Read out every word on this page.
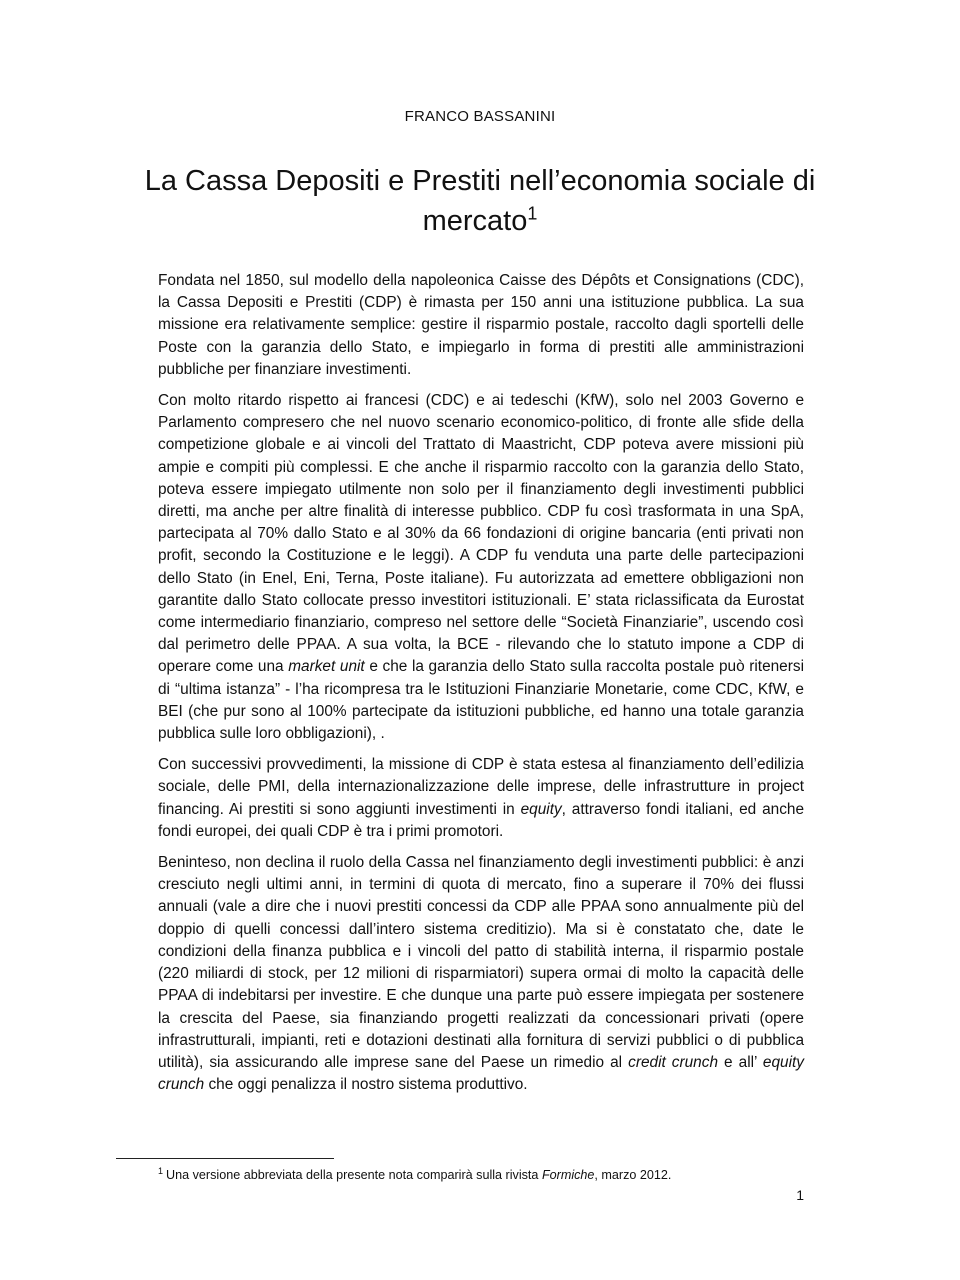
FRANCO BASSANINI
La Cassa Depositi e Prestiti nell’economia sociale di mercato$^1$

Fondata nel 1850, sul modello della napoleonica Caisse des Dépôts et Consignations (CDC), la Cassa Depositi e Prestiti (CDP) è rimasta per 150 anni una istituzione pubblica. La sua missione era relativamente semplice: gestire il risparmio postale, raccolto dagli sportelli delle Poste con la garanzia dello Stato, e impiegarlo in forma di prestiti alle amministrazioni pubbliche per finanziare investimenti.

Con molto ritardo rispetto ai francesi (CDC) e ai tedeschi (KfW), solo nel 2003 Governo e Parlamento compresero che nel nuovo scenario economico-politico, di fronte alle sfide della competizione globale e ai vincoli del Trattato di Maastricht, CDP poteva avere missioni più ampie e compiti più complessi. E che anche il risparmio raccolto con la garanzia dello Stato, poteva essere impiegato utilmente non solo per il finanziamento degli investimenti pubblici diretti, ma anche per altre finalità di interesse pubblico. CDP fu così trasformata in una SpA, partecipata al 70% dallo Stato e al 30% da 66 fondazioni di origine bancaria (enti privati non profit, secondo la Costituzione e le leggi). A CDP fu venduta una parte delle partecipazioni dello Stato (in Enel, Eni, Terna, Poste italiane). Fu autorizzata ad emettere obbligazioni non garantite dallo Stato collocate presso investitori istituzionali. E’ stata riclassificata da Eurostat come intermediario finanziario, compreso nel settore delle “Società Finanziarie”, uscendo così dal perimetro delle PPAA. A sua volta, la BCE - rilevando che lo statuto impone a CDP di operare come una market unit e che la garanzia dello Stato sulla raccolta postale può ritenersi di “ultima istanza” - l’ha ricompresa tra le Istituzioni Finanziarie Monetarie, come CDC, KfW, e BEI (che pur sono al 100% partecipate da istituzioni pubbliche, ed hanno una totale garanzia pubblica sulle loro obbligazioni), .

Con successivi provvedimenti, la missione di CDP è stata estesa al finanziamento dell’edilizia sociale, delle PMI, della internazionalizzazione delle imprese, delle infrastrutture in project financing. Ai prestiti si sono aggiunti investimenti in equity, attraverso fondi italiani, ed anche fondi europei, dei quali CDP è tra i primi promotori.

Beninteso, non declina il ruolo della Cassa nel finanziamento degli investimenti pubblici: è anzi cresciuto negli ultimi anni, in termini di quota di mercato, fino a superare il 70% dei flussi annuali (vale a dire che i nuovi prestiti concessi da CDP alle PPAA sono annualmente più del doppio di quelli concessi dall’intero sistema creditizio). Ma si è constatato che, date le condizioni della finanza pubblica e i vincoli del patto di stabilità interna, il risparmio postale (220 miliardi di stock, per 12 milioni di risparmiatori) supera ormai di molto la capacità delle PPAA di indebitarsi per investire. E che dunque una parte può essere impiegata per sostenere la crescita del Paese, sia finanziando progetti realizzati da concessionari privati (opere infrastrutturali, impianti, reti e dotazioni destinati alla fornitura di servizi pubblici o di pubblica utilità), sia assicurando alle imprese sane del Paese un rimedio al credit crunch e all’ equity crunch che oggi penalizza il nostro sistema produttivo.

$^1$ Una versione abbreviata della presente nota comparirà sulla rivista Formiche, marzo 2012.
1
